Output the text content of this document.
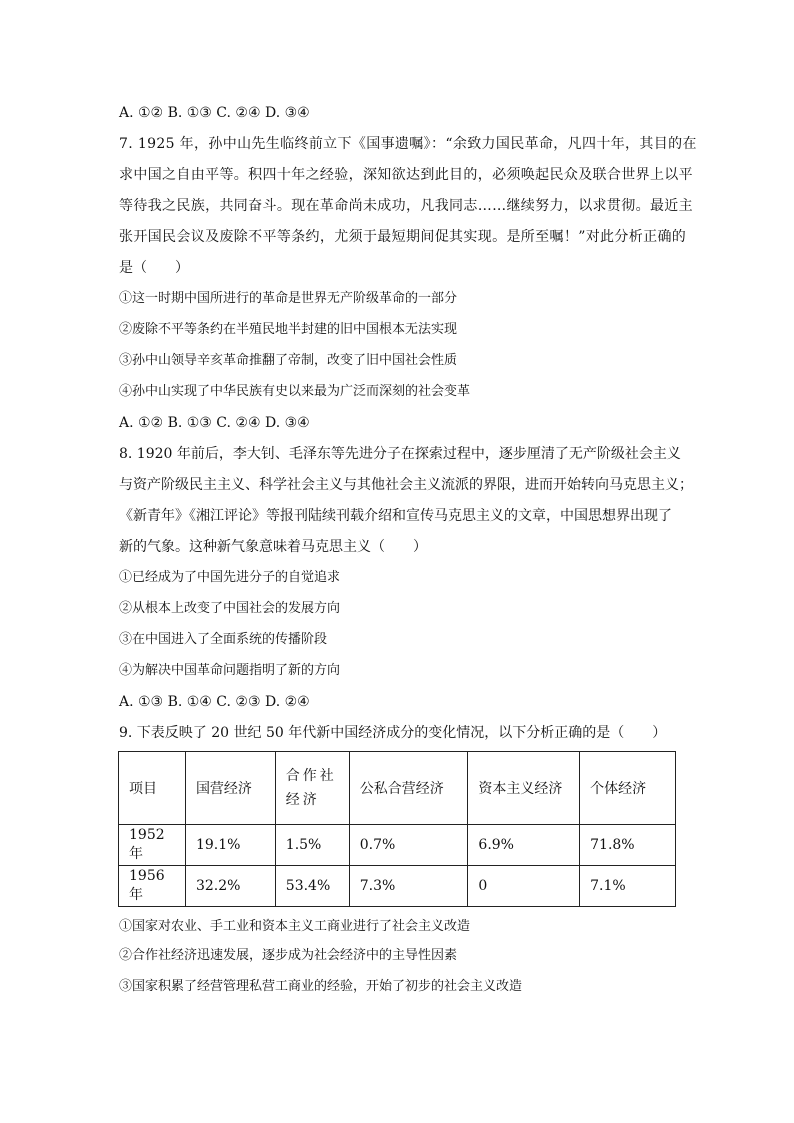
A. ①② B. ①③ C. ②④ D. ③④
7. 1925 年，孙中山先生临终前立下《国事遗嘱》：“余致力国民革命，凡四十年，其目的在
求中国之自由平等。积四十年之经验，深知欲达到此目的，必须唤起民众及联合世界上以平
等待我之民族，共同奋斗。现在革命尚未成功，凡我同志……继续努力，以求贯彻。最近主
张开国民会议及废除不平等条约，尤须于最短期间促其实现。是所至嘱！”对此分析正确的
是（　　）
①这一时期中国所进行的革命是世界无产阶级革命的一部分
②废除不平等条约在半殖民地半封建的旧中国根本无法实现
③孙中山领导辛亥革命推翻了帝制，改变了旧中国社会性质
④孙中山实现了中华民族有史以来最为广泛而深刻的社会变革
A. ①② B. ①③ C. ②④ D. ③④
8. 1920 年前后，李大钊、毛泽东等先进分子在探索过程中，逐步厘清了无产阶级社会主义
与资产阶级民主主义、科学社会主义与其他社会主义流派的界限，进而开始转向马克思主义；
《新青年》《湘江评论》等报刊陆续刊载介绍和宣传马克思主义的文章，中国思想界出现了
新的气象。这种新气象意味着马克思主义（　　）
①已经成为了中国先进分子的自觉追求
②从根本上改变了中国社会的发展方向
③在中国进入了全面系统的传播阶段
④为解决中国革命问题指明了新的方向
A. ①③ B. ①④ C. ②③ D. ②④
9. 下表反映了 20 世纪 50 年代新中国经济成分的变化情况，以下分析正确的是（　　）
项目	国营经济	合作社经济	公私合营经济	资本主义经济	个体经济
1952 年	19.1%	1.5%	0.7%	6.9%	71.8%
1956 年	32.2%	53.4%	7.3%	0	7.1%
①国家对农业、手工业和资本主义工商业进行了社会主义改造
②合作社经济迅速发展，逐步成为社会经济中的主导性因素
③国家积累了经营管理私营工商业的经验，开始了初步的社会主义改造
